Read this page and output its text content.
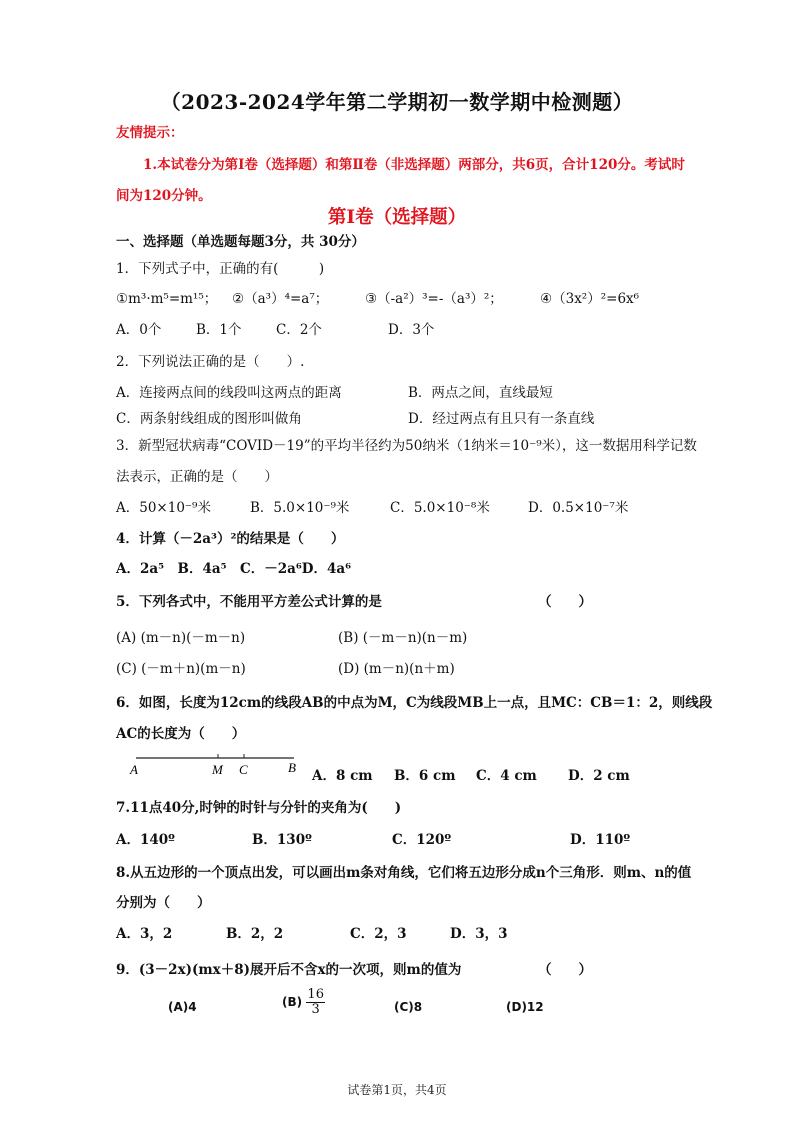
（2023-2024学年第二学期初一数学期中检测题）
友情提示：
1.本试卷分为第Ⅰ卷（选择题）和第Ⅱ卷（非选择题）两部分，共6页，合计120分。考试时
间为120分钟。
第Ⅰ卷（选择题）
一、选择题（单选题每题3分，共 30分）
1．下列式子中，正确的有(　　　)
①m³·m⁵=m¹⁵； ②（a³）⁴=a⁷；	③（-a²）³=-（a³）²；	④（3x²）²=6x⁶
A．0个	B．1个	C．2个	D．3个
2．下列说法正确的是（　　）.
A．连接两点间的线段叫这两点的距离	B．两点之间，直线最短
C．两条射线组成的图形叫做角	D．经过两点有且只有一条直线
3．新型冠状病毒“COVID－19”的平均半径约为50纳米（1纳米＝10⁻⁹米），这一数据用科学记数
法表示，正确的是（　　）
A．50×10⁻⁹米	B．5.0×10⁻⁹米	C．5.0×10⁻⁸米	D．0.5×10⁻⁷米
4．计算（－2a³）²的结果是（　　）
A．2a⁵　B．4a⁵　C．－2a⁶D．4a⁶
5．下列各式中，不能用平方差公式计算的是	（　　）
(A) (m－n)(－m－n)	(B) (－m－n)(n－m)
(C) (－m＋n)(m－n)	(D) (m－n)(n＋m)
6．如图，长度为12cm的线段AB的中点为M，C为线段MB上一点，且MC：CB＝1：2，则线段
AC的长度为（　　）
A	M C	B
A．8 cm B．6 cm C．4 cm D．2 cm
7.11点40分,时钟的时针与分针的夹角为(　　)
A．140º	B．130º	C．120º	D．110º
8.从五边形的一个顶点出发，可以画出m条对角线，它们将五边形分成n个三角形．则m、n的值
分别为（　　）
A．3，2	B．2，2	C．2，3	D．3，3
9．(3－2x)(mx＋8)展开后不含x的一次项，则m的值为	（　　）
(A)4	$(B) \frac{16}{3}$	(C)8	(D)12
试卷第1页，共4页
